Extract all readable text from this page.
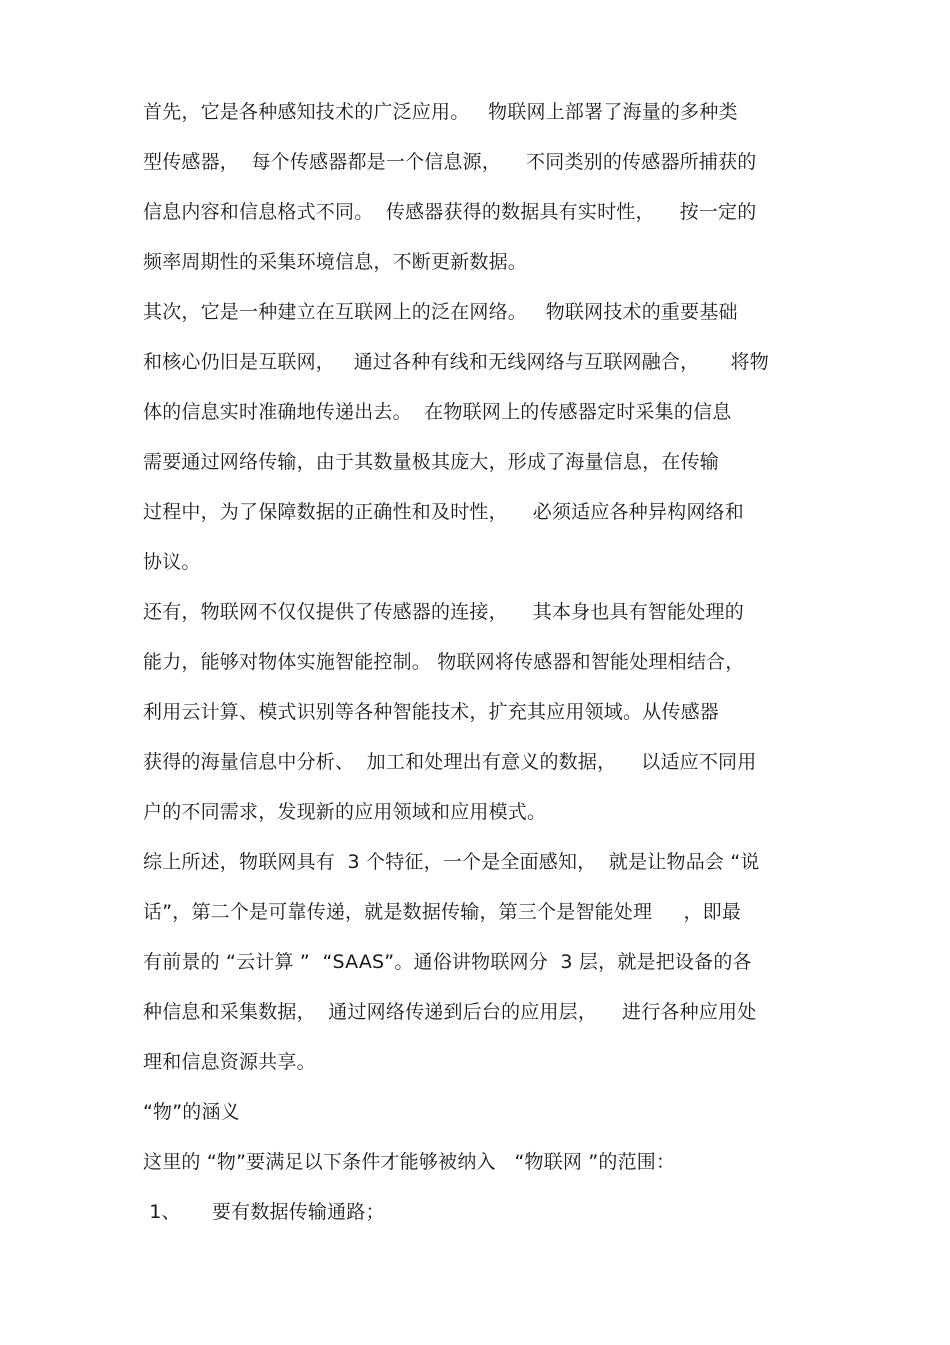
首先，它是各种感知技术的广泛应用。   物联网上部署了海量的多种类
型传感器，  每个传感器都是一个信息源，    不同类别的传感器所捕获的
信息内容和信息格式不同。  传感器获得的数据具有实时性，    按一定的
频率周期性的采集环境信息，不断更新数据。
其次，它是一种建立在互联网上的泛在网络。   物联网技术的重要基础
和核心仍旧是互联网，   通过各种有线和无线网络与互联网融合，     将物
体的信息实时准确地传递出去。  在物联网上的传感器定时采集的信息
需要通过网络传输，由于其数量极其庞大，形成了海量信息，在传输
过程中，为了保障数据的正确性和及时性，    必须适应各种异构网络和
协议。
还有，物联网不仅仅提供了传感器的连接，    其本身也具有智能处理的
能力，能够对物体实施智能控制。 物联网将传感器和智能处理相结合，
利用云计算、模式识别等各种智能技术，扩充其应用领域。从传感器
获得的海量信息中分析、  加工和处理出有意义的数据，    以适应不同用
户的不同需求，发现新的应用领域和应用模式。
综上所述，物联网具有  3 个特征，一个是全面感知，  就是让物品会 “说
话”，第二个是可靠传递，就是数据传输，第三个是智能处理     ，即最
有前景的 “云计算 ”  “SAAS”。通俗讲物联网分  3 层，就是把设备的各
种信息和采集数据，  通过网络传递到后台的应用层，    进行各种应用处
理和信息资源共享。
“物”的涵义
这里的 “物”要满足以下条件才能够被纳入   “物联网 ”的范围：
1、     要有数据传输通路；
